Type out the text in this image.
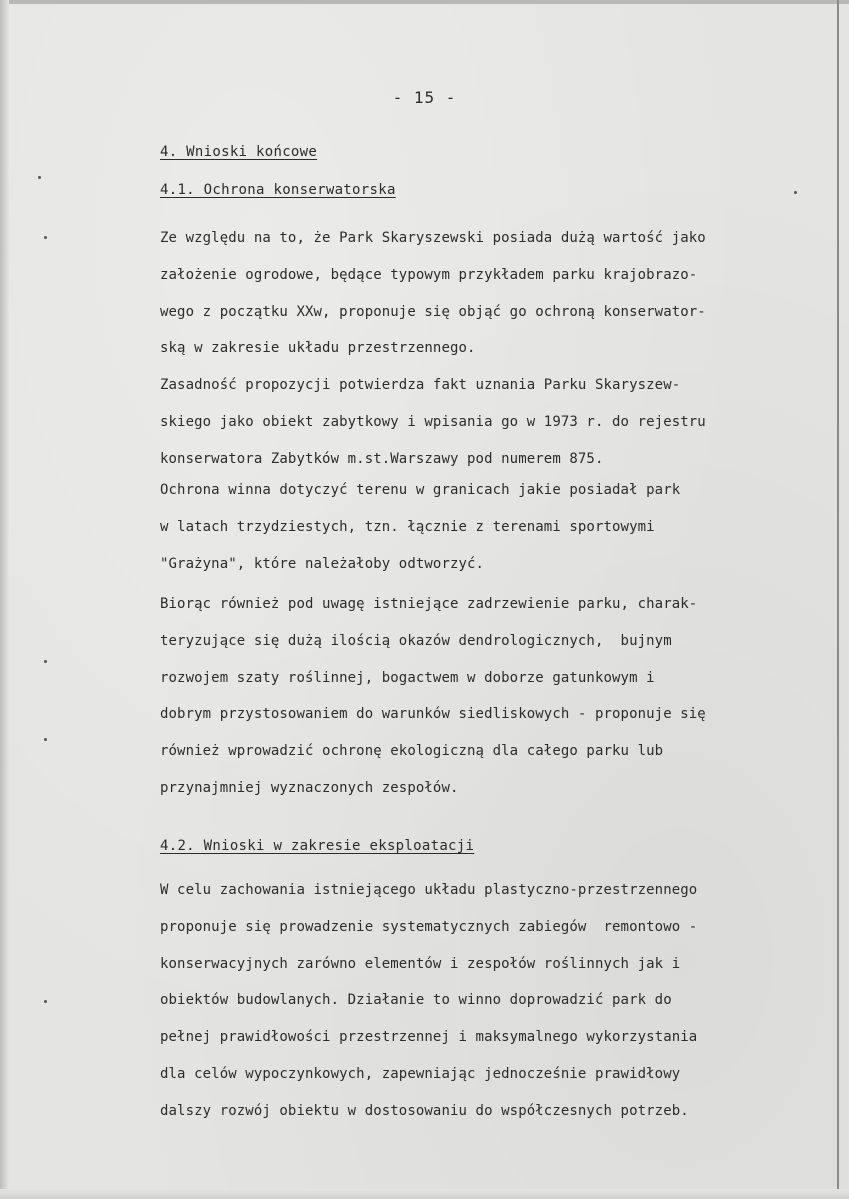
- 15 -
4. Wnioski końcowe
4.1. Ochrona konserwatorska

Ze względu na to, że Park Skaryszewski posiada dużą wartość jako
założenie ogrodowe, będące typowym przykładem parku krajobrazo-
wego z początku XXw, proponuje się objąć go ochroną konserwator-
ską w zakresie układu przestrzennego.
Zasadność propozycji potwierdza fakt uznania Parku Skaryszew-
skiego jako obiekt zabytkowy i wpisania go w 1973 r. do rejestru
konserwatora Zabytków m.st.Warszawy pod numerem 875.

Ochrona winna dotyczyć terenu w granicach jakie posiadał park
w latach trzydziestych, tzn. łącznie z terenami sportowymi
"Grażyna", które należałoby odtworzyć.

Biorąc również pod uwagę istniejące zadrzewienie parku, charak-
teryzujące się dużą ilością okazów dendrologicznych,  bujnym
rozwojem szaty roślinnej, bogactwem w doborze gatunkowym i
dobrym przystosowaniem do warunków siedliskowych - proponuje się
również wprowadzić ochronę ekologiczną dla całego parku lub
przynajmniej wyznaczonych zespołów.

4.2. Wnioski w zakresie eksploatacji

W celu zachowania istniejącego układu plastyczno-przestrzennego
proponuje się prowadzenie systematycznych zabiegów  remontowo -
konserwacyjnych zarówno elementów i zespołów roślinnych jak i
obiektów budowlanych. Działanie to winno doprowadzić park do
pełnej prawidłowości przestrzennej i maksymalnego wykorzystania
dla celów wypoczynkowych, zapewniając jednocześnie prawidłowy
dalszy rozwój obiektu w dostosowaniu do współczesnych potrzeb.
